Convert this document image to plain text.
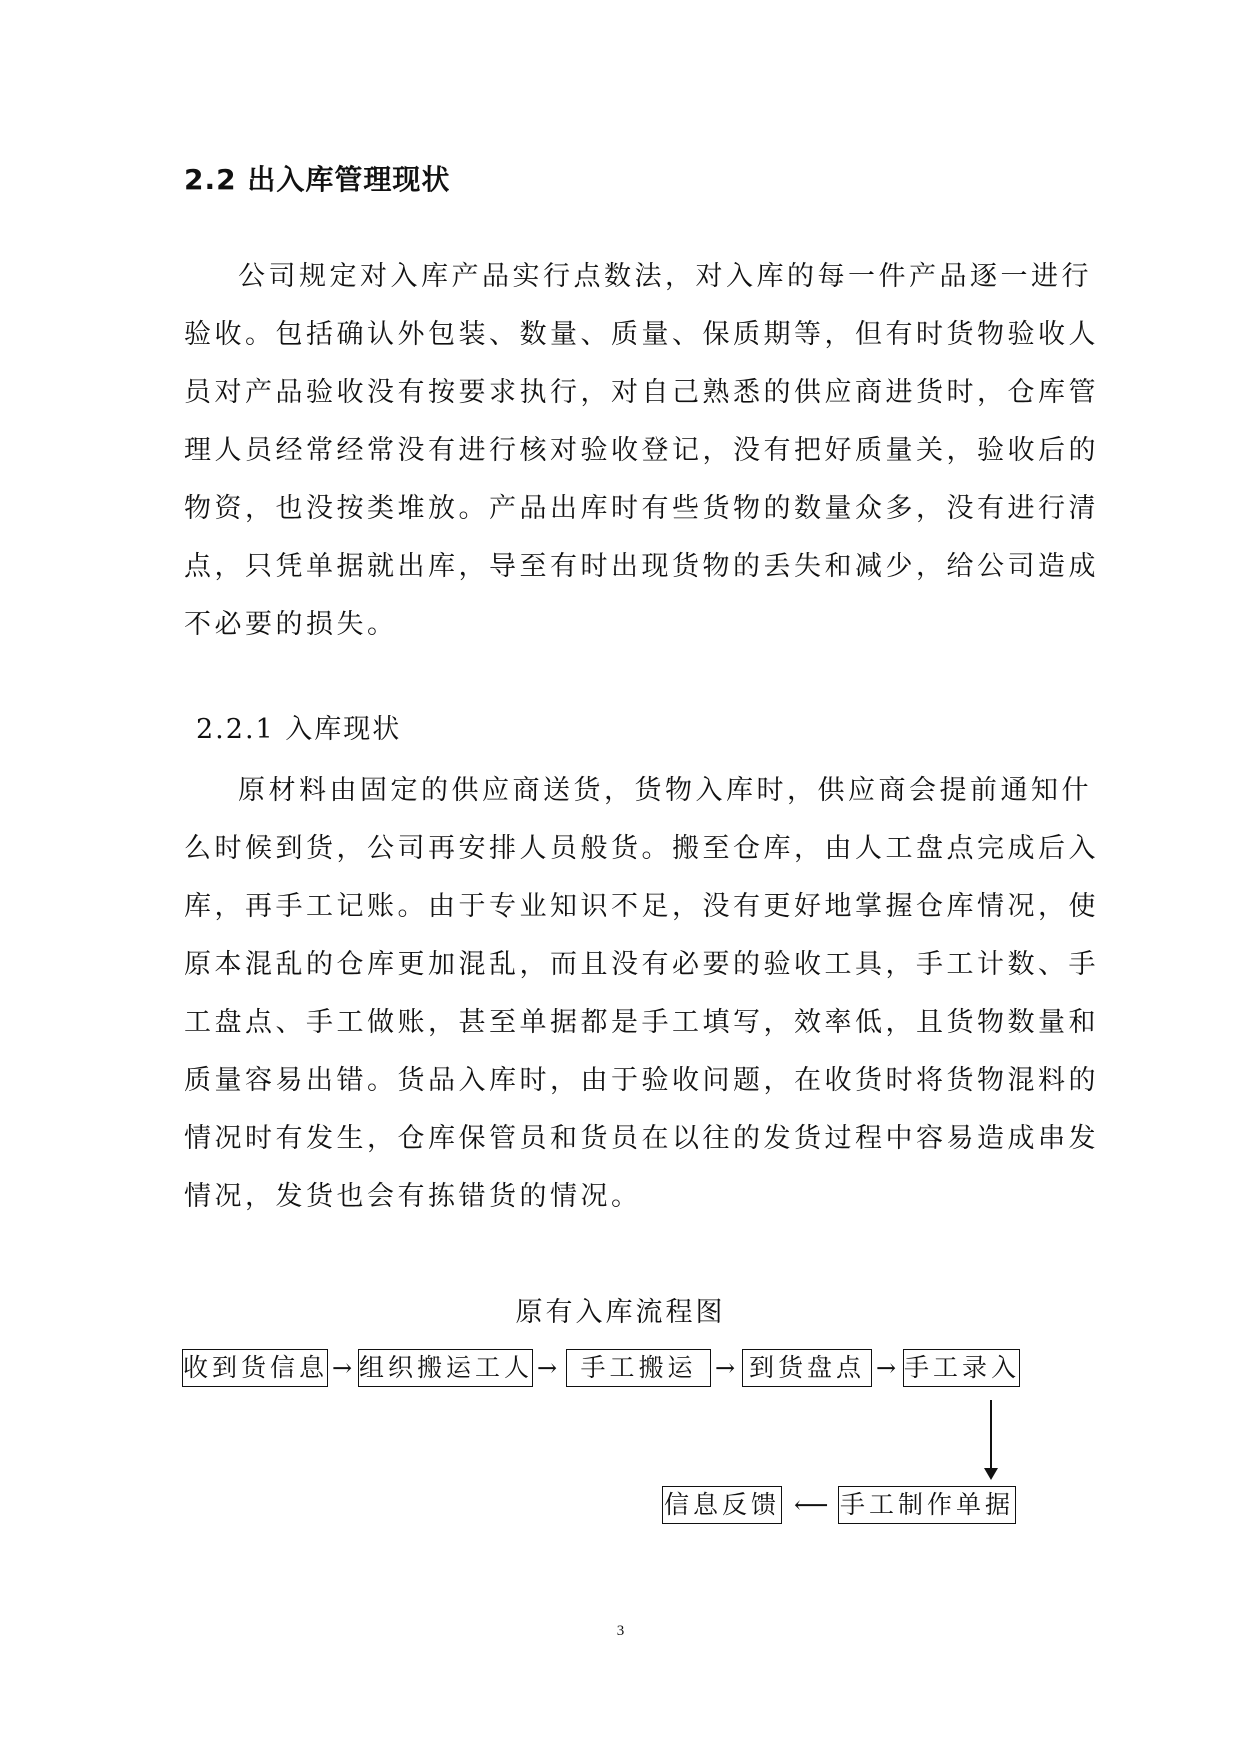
2.2 出入库管理现状

公司规定对入库产品实行点数法，对入库的每一件产品逐一进行
验收。包括确认外包装、数量、质量、保质期等，但有时货物验收人
员对产品验收没有按要求执行，对自己熟悉的供应商进货时，仓库管
理人员经常经常没有进行核对验收登记，没有把好质量关，验收后的
物资，也没按类堆放。产品出库时有些货物的数量众多，没有进行清
点，只凭单据就出库，导至有时出现货物的丢失和减少，给公司造成
不必要的损失。

2.2.1 入库现状

原材料由固定的供应商送货，货物入库时，供应商会提前通知什
么时候到货，公司再安排人员般货。搬至仓库，由人工盘点完成后入
库，再手工记账。由于专业知识不足，没有更好地掌握仓库情况，使
原本混乱的仓库更加混乱，而且没有必要的验收工具，手工计数、手
工盘点、手工做账，甚至单据都是手工填写，效率低，且货物数量和
质量容易出错。货品入库时，由于验收问题，在收货时将货物混料的
情况时有发生，仓库保管员和货员在以往的发货过程中容易造成串发
情况，发货也会有拣错货的情况。

原有入库流程图
收到货信息 → 组织搬运工人 → 手工搬运 → 到货盘点 → 手工录入
手工制作单据
⟵
信息反馈
3
